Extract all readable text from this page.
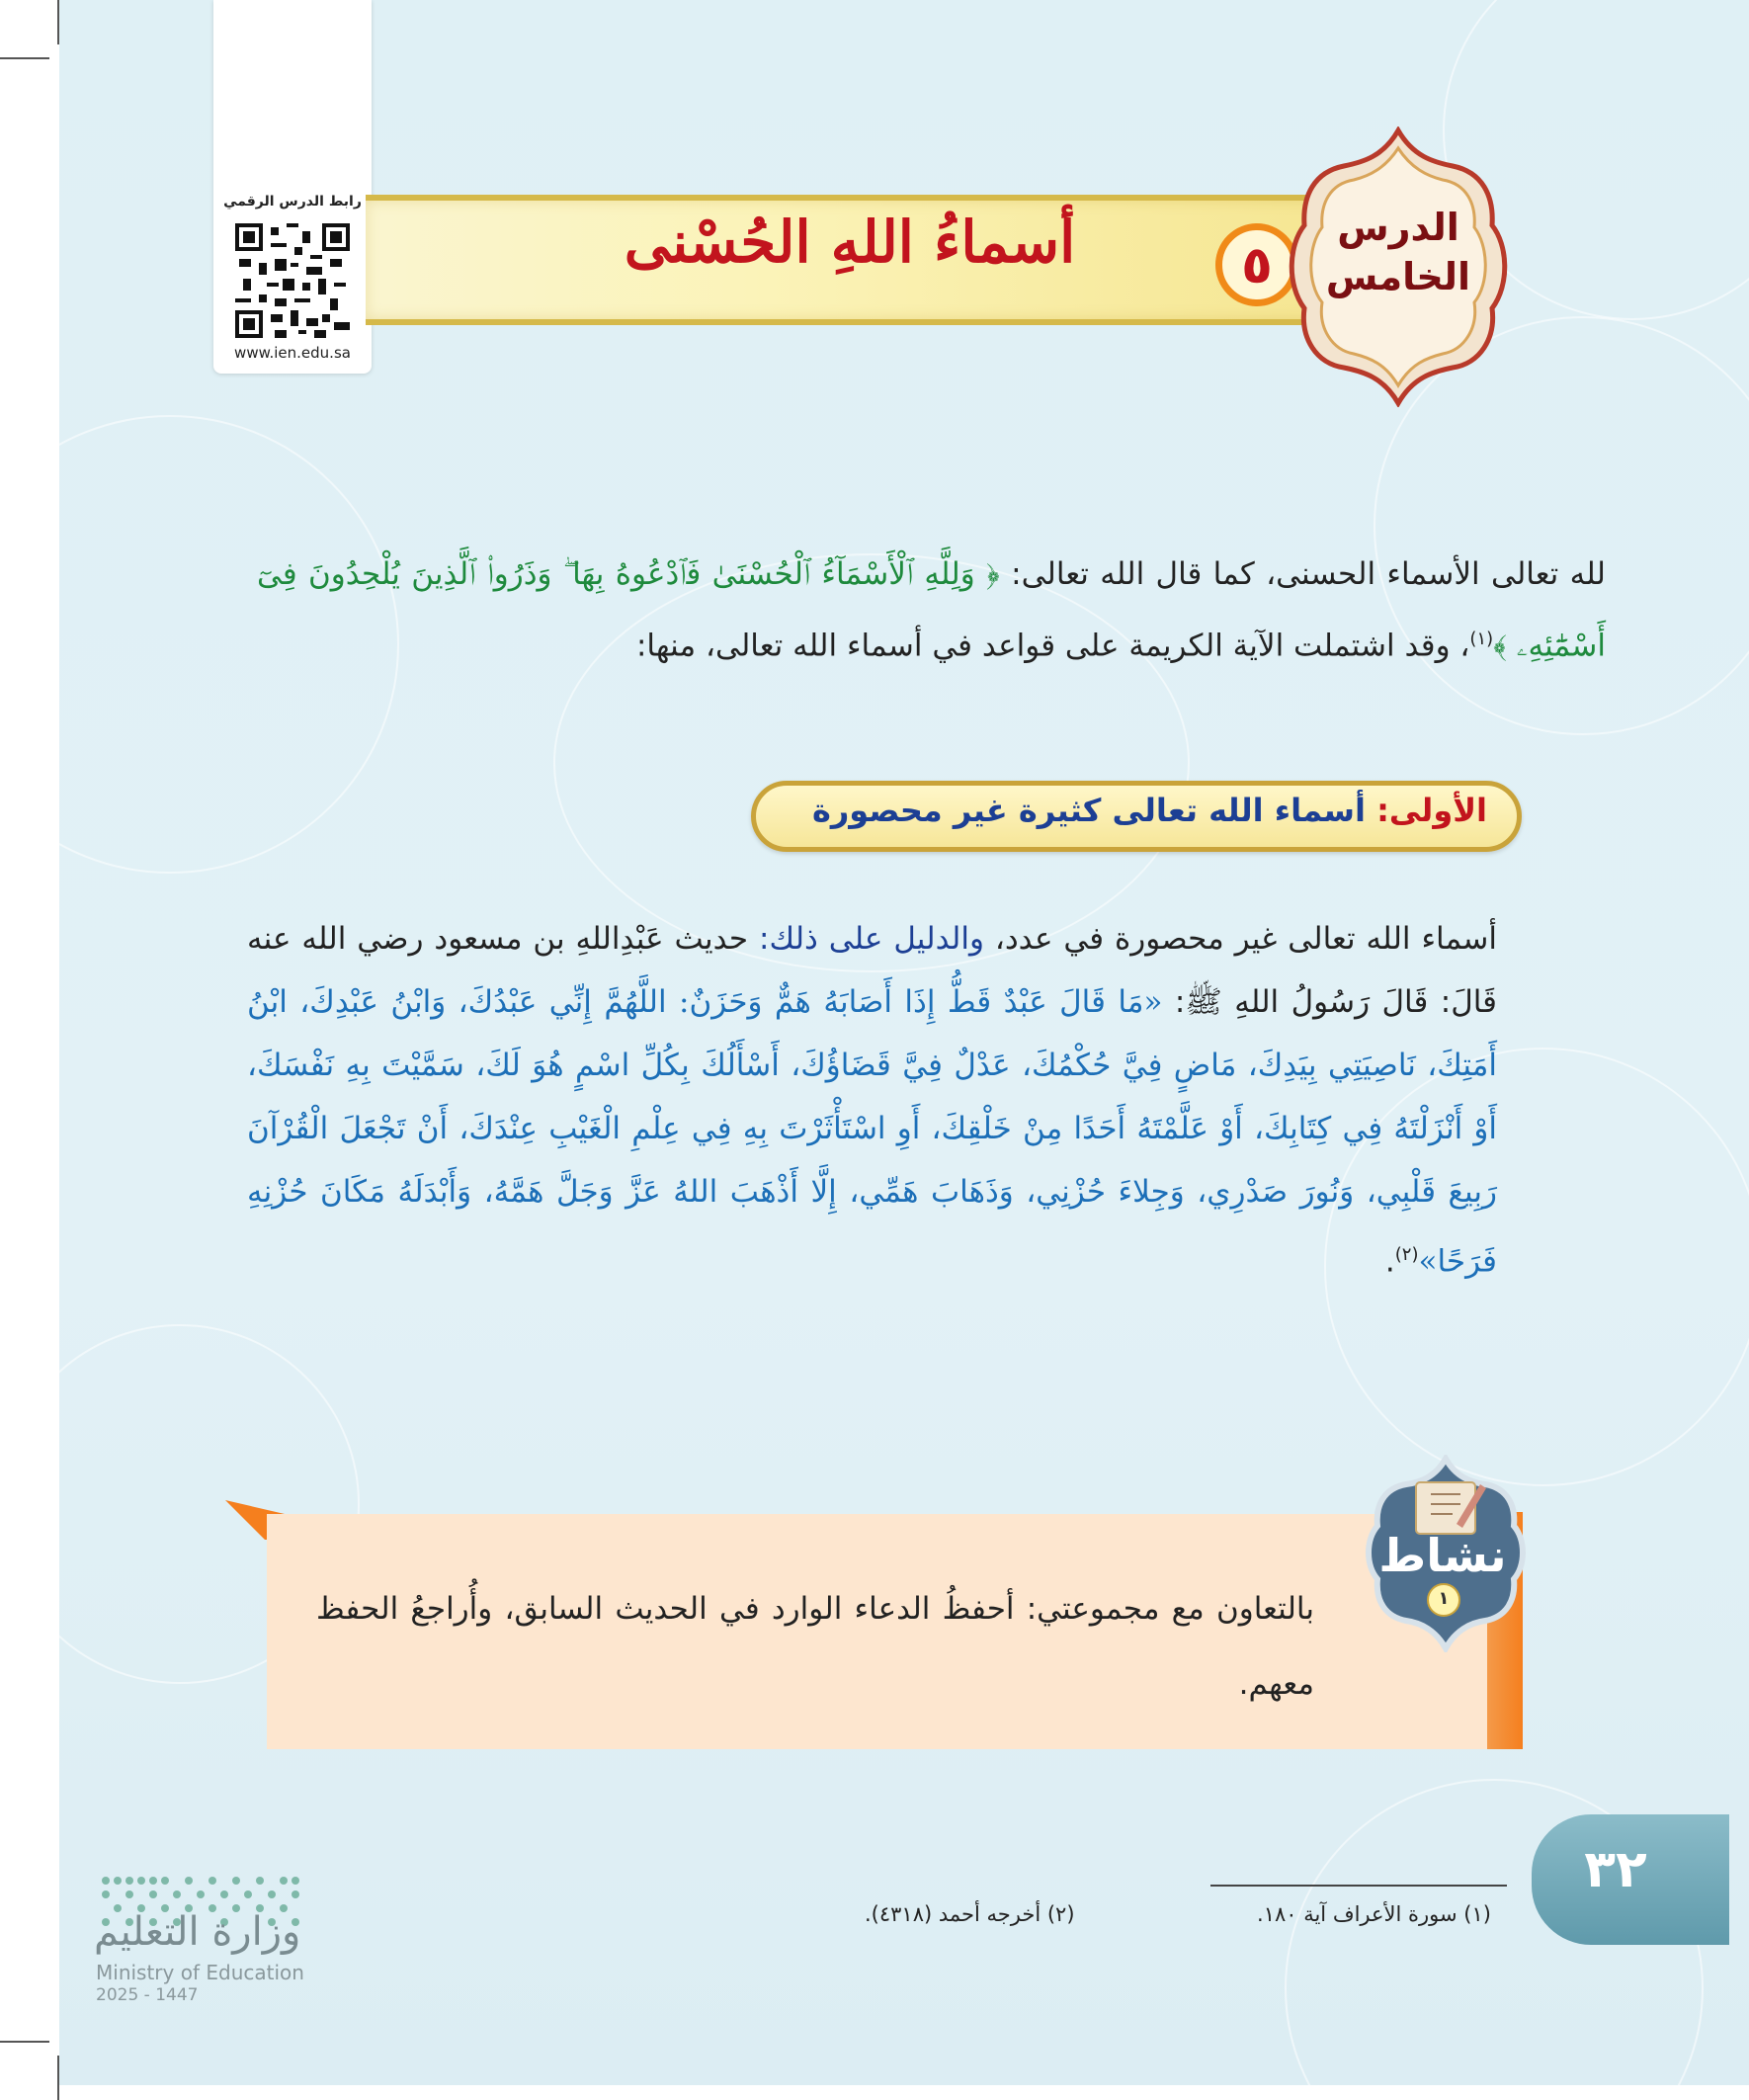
رابط الدرس الرقمي
www.ien.edu.sa
أسماءُ اللهِ الحُسْنى	٥
الدرس
الخامس
لله تعالى الأسماء الحسنى، كما قال الله تعالى: ﴿ وَلِلَّهِ ٱلْأَسْمَآءُ ٱلْحُسْنَىٰ فَٱدْعُوهُ بِهَا ۖ وَذَرُوا۟ ٱلَّذِينَ يُلْحِدُونَ فِىٓ أَسْمَٰٓئِهِۦ ﴾$^{(١)}$، وقد اشتملت الآية الكريمة على قواعد في أسماء الله تعالى، منها:
الأولى: أسماء الله تعالى كثيرة غير محصورة
أسماء الله تعالى غير محصورة في عدد، والدليل على ذلك: حديث عَبْدِاللهِ بن مسعود رضي الله عنه قَالَ: قَالَ رَسُولُ اللهِ ﷺ: «مَا قَالَ عَبْدٌ قَطُّ إِذَا أَصَابَهُ هَمٌّ وَحَزَنٌ: اللَّهُمَّ إِنِّي عَبْدُكَ، وَابْنُ عَبْدِكَ، ابْنُ أَمَتِكَ، نَاصِيَتِي بِيَدِكَ، مَاضٍ فِيَّ حُكْمُكَ، عَدْلٌ فِيَّ قَضَاؤُكَ، أَسْأَلُكَ بِكُلِّ اسْمٍ هُوَ لَكَ، سَمَّيْتَ بِهِ نَفْسَكَ، أَوْ أَنْزَلْتَهُ فِي كِتَابِكَ، أَوْ عَلَّمْتَهُ أَحَدًا مِنْ خَلْقِكَ، أَوِ اسْتَأْثَرْتَ بِهِ فِي عِلْمِ الْغَيْبِ عِنْدَكَ، أَنْ تَجْعَلَ الْقُرْآنَ رَبِيعَ قَلْبِي، وَنُورَ صَدْرِي، وَجِلاءَ حُزْنِي، وَذَهَابَ هَمِّي، إِلَّا أَذْهَبَ اللهُ عَزَّ وَجَلَّ هَمَّهُ، وَأَبْدَلَهُ مَكَانَ حُزْنِهِ فَرَحًا»$^{(٢)}$.
بالتعاون مع مجموعتي: أحفظُ الدعاء الوارد في الحديث السابق، وأُراجعُ الحفظ معهم.
نشاط
١
(١) سورة الأعراف آية ١٨٠.
(٢) أخرجه أحمد (٤٣١٨).
٣٢
وزارة التعليم
Ministry of Education
2025 - 1447
